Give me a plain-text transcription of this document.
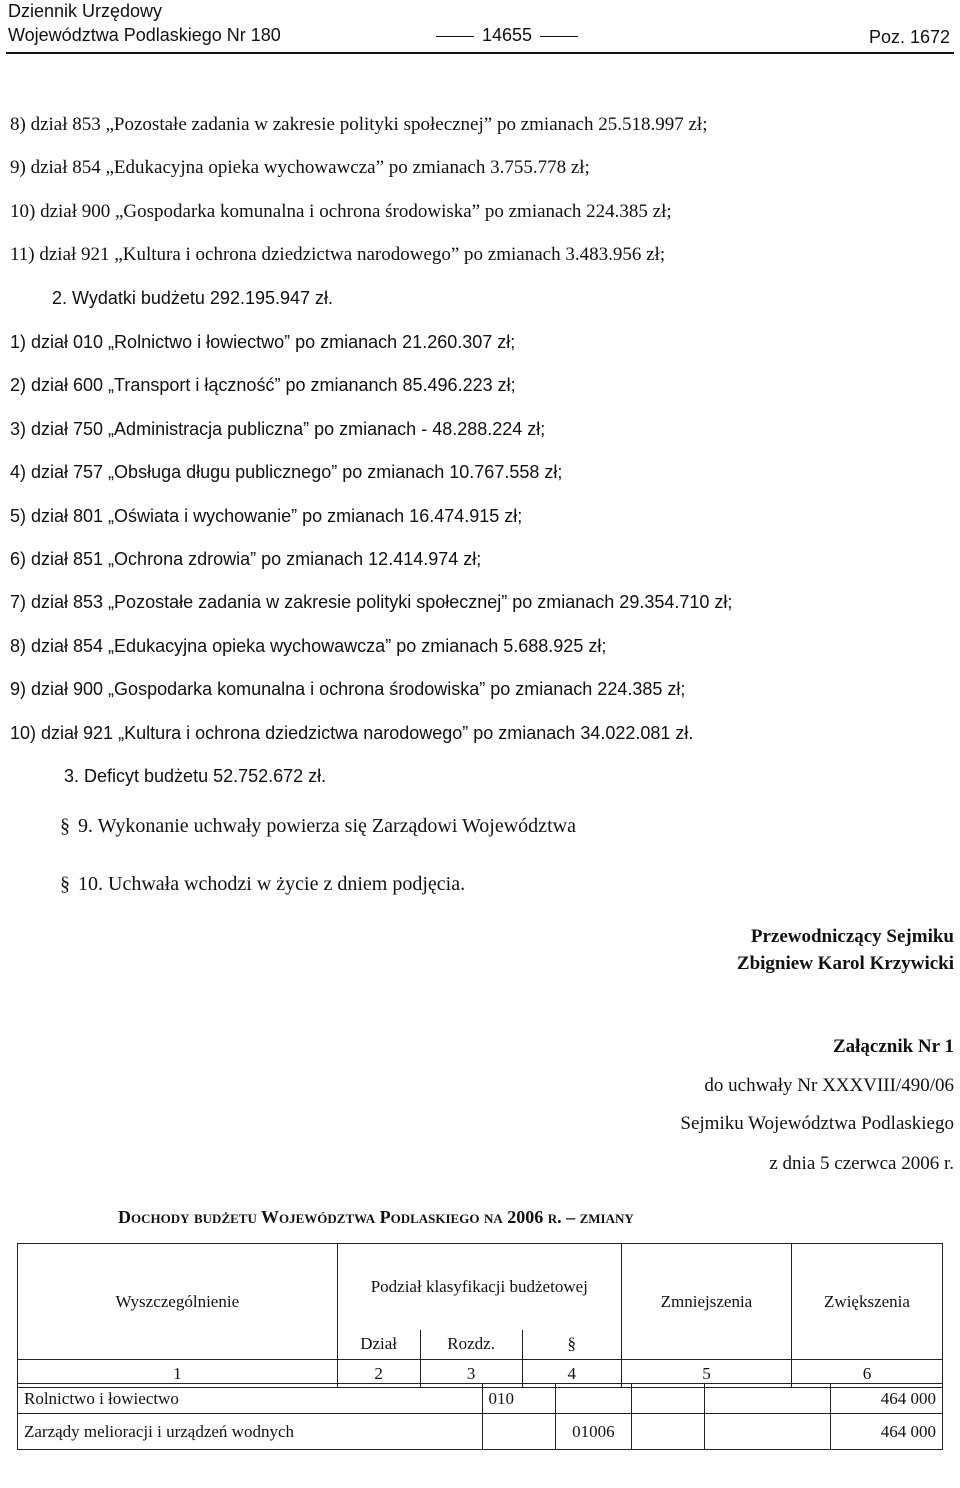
Dziennik Urzędowy
Województwa Podlaskiego Nr 180	14655	Poz. 1672
8) dział 853 „Pozostałe zadania w zakresie polityki społecznej” po zmianach 25.518.997 zł;
9) dział 854 „Edukacyjna opieka wychowawcza” po zmianach 3.755.778 zł;
10) dział 900 „Gospodarka komunalna i ochrona środowiska” po zmianach 224.385 zł;
11) dział 921 „Kultura i ochrona dziedzictwa narodowego” po zmianach 3.483.956 zł;
2. Wydatki budżetu 292.195.947 zł.
1) dział 010 „Rolnictwo i łowiectwo” po zmianach 21.260.307 zł;
2) dział 600 „Transport i łączność” po zmiananch 85.496.223 zł;
3) dział 750 „Administracja publiczna” po zmianach - 48.288.224 zł;
4) dział 757 „Obsługa długu publicznego” po zmianach 10.767.558 zł;
5) dział 801 „Oświata i wychowanie” po zmianach 16.474.915 zł;
6) dział 851 „Ochrona zdrowia” po zmianach 12.414.974 zł;
7) dział 853 „Pozostałe zadania w zakresie polityki społecznej” po zmianach 29.354.710 zł;
8) dział 854 „Edukacyjna opieka wychowawcza” po zmianach 5.688.925 zł;
9) dział 900 „Gospodarka komunalna i ochrona środowiska” po zmianach 224.385 zł;
10) dział 921 „Kultura i ochrona dziedzictwa narodowego” po zmianach 34.022.081 zł.
3. Deficyt budżetu 52.752.672 zł.
§ 9. Wykonanie uchwały powierza się Zarządowi Województwa
§ 10. Uchwała wchodzi w życie z dniem podjęcia.
Przewodniczący Sejmiku
Zbigniew Karol Krzywicki
Załącznik Nr 1
do uchwały Nr XXXVIII/490/06
Sejmiku Województwa Podlaskiego
z dnia 5 czerwca 2006 r.
Dochody budżetu Województwa Podlaskiego na 2006 r. – zmiany
Wyszczególnienie	Podział klasyfikacji budżetowej			Zmniejszenia	Zwiększenia
	Dział	Rozdz.	§		
1	2	3	4	5	6
Rolnictwo i łowiectwo	010				464 000
Zarządy melioracji i urządzeń wodnych		01006			464 000
